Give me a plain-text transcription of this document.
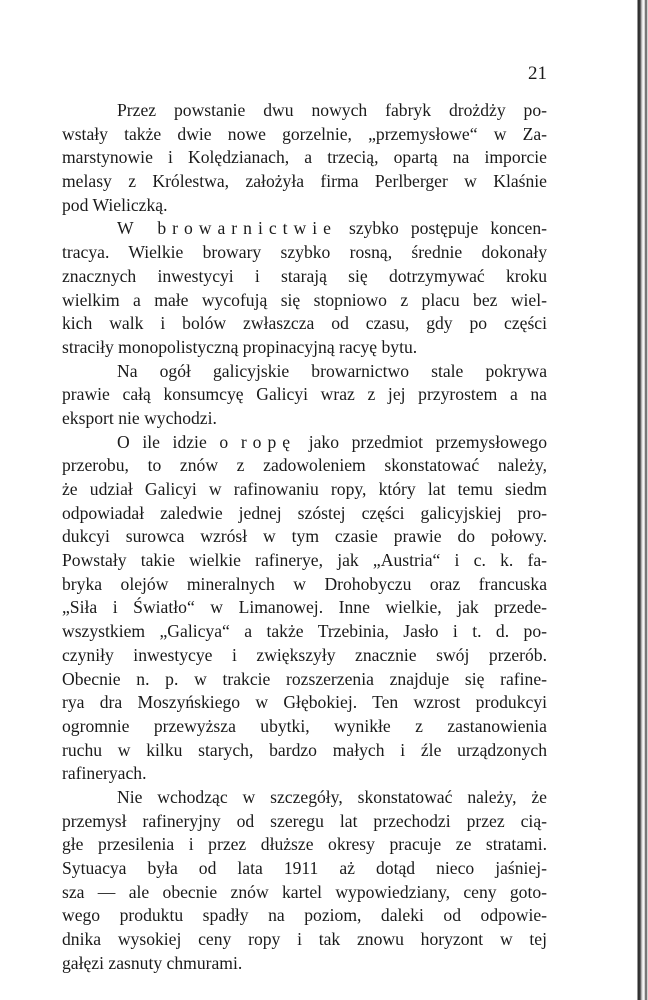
21
Przez powstanie dwu nowych fabryk drożdży po-
wstały także dwie nowe gorzelnie, „przemysłowe“ w Za-
marstynowie i Kolędzianach, a trzecią, opartą na imporcie
melasy z Królestwa, założyła firma Perlberger w Klaśnie
pod Wieliczką.
W browarnictwie szybko postępuje koncen-
tracya. Wielkie browary szybko rosną, średnie dokonały
znacznych inwestycyi i starają się dotrzymywać kroku
wielkim a małe wycofują się stopniowo z placu bez wiel-
kich walk i bolów zwłaszcza od czasu, gdy po części
straciły monopolistyczną propinacyjną racyę bytu.
Na ogół galicyjskie browarnictwo stale pokrywa
prawie całą konsumcyę Galicyi wraz z jej przyrostem a na
eksport nie wychodzi.
O ile idzie o ropę jako przedmiot przemysłowego
przerobu, to znów z zadowoleniem skonstatować należy,
że udział Galicyi w rafinowaniu ropy, który lat temu siedm
odpowiadał zaledwie jednej szóstej części galicyjskiej pro-
dukcyi surowca wzrósł w tym czasie prawie do połowy.
Powstały takie wielkie rafinerye, jak „Austria“ i c. k. fa-
bryka olejów mineralnych w Drohobyczu oraz francuska
„Siła i Światło“ w Limanowej. Inne wielkie, jak przede-
wszystkiem „Galicya“ a także Trzebinia, Jasło i t. d. po-
czyniły inwestycye i zwiększyły znacznie swój przerób.
Obecnie n. p. w trakcie rozszerzenia znajduje się rafine-
rya dra Moszyńskiego w Głębokiej. Ten wzrost produkcyi
ogromnie przewyższa ubytki, wynikłe z zastanowienia
ruchu w kilku starych, bardzo małych i źle urządzonych
rafineryach.
Nie wchodząc w szczegóły, skonstatować należy, że
przemysł rafineryjny od szeregu lat przechodzi przez cią-
głe przesilenia i przez dłuższe okresy pracuje ze stratami.
Sytuacya była od lata 1911 aż dotąd nieco jaśniej-
sza — ale obecnie znów kartel wypowiedziany, ceny goto-
wego produktu spadły na poziom, daleki od odpowie-
dnika wysokiej ceny ropy i tak znowu horyzont w tej
gałęzi zasnuty chmurami.
